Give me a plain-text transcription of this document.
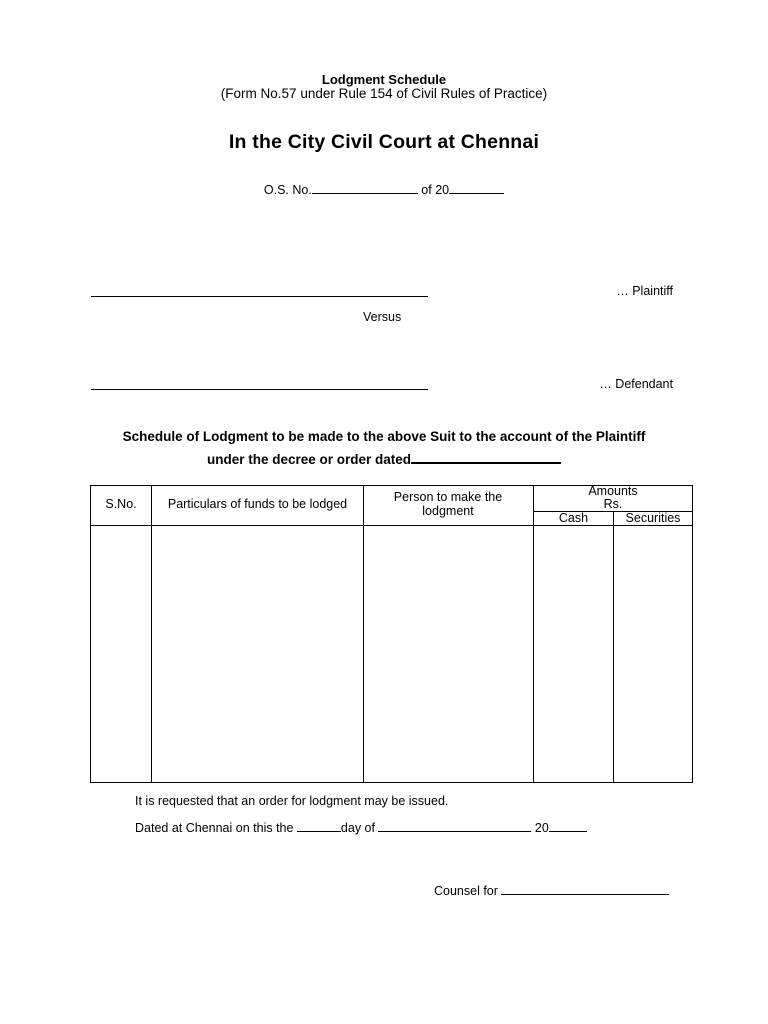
Lodgment Schedule
(Form No.57 under Rule 154 of Civil Rules of Practice)
In the City Civil Court at Chennai
O.S. No.	of 20
… Plaintiff
Versus
… Defendant
Schedule of Lodgment to be made to the above Suit to the account of the Plaintiff
under the decree or order dated
S.No.	Particulars of funds to be lodged	Person to make the lodgment
Amounts
Rs.
Cash	Securities
It is requested that an order for lodgment may be issued.
Dated at Chennai on this the	day of	20
Counsel for
